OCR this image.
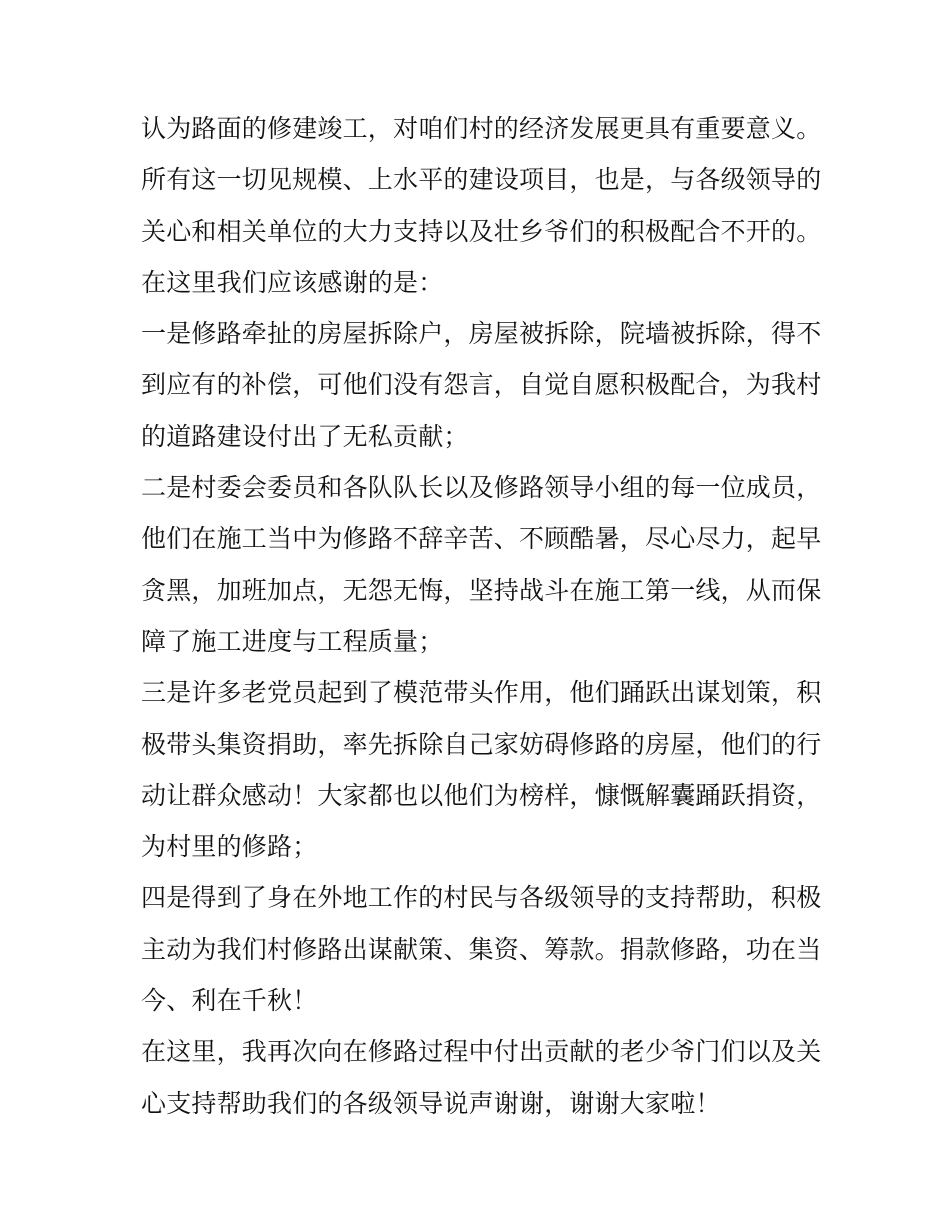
认为路面的修建竣工，对咱们村的经济发展更具有重要意义。
所有这一切见规模、上水平的建设项目，也是，与各级领导的
关心和相关单位的大力支持以及壮乡爷们的积极配合不开的。
在这里我们应该感谢的是：
一是修路牵扯的房屋拆除户，房屋被拆除，院墙被拆除，得不
到应有的补偿，可他们没有怨言，自觉自愿积极配合，为我村
的道路建设付出了无私贡献；
二是村委会委员和各队队长以及修路领导小组的每一位成员，
他们在施工当中为修路不辞辛苦、不顾酷暑，尽心尽力，起早
贪黑，加班加点，无怨无悔，坚持战斗在施工第一线，从而保
障了施工进度与工程质量；
三是许多老党员起到了模范带头作用，他们踊跃出谋划策，积
极带头集资捐助，率先拆除自己家妨碍修路的房屋，他们的行
动让群众感动！大家都也以他们为榜样，慷慨解囊踊跃捐资，
为村里的修路；
四是得到了身在外地工作的村民与各级领导的支持帮助，积极
主动为我们村修路出谋献策、集资、筹款。捐款修路，功在当
今、利在千秋！
在这里，我再次向在修路过程中付出贡献的老少爷门们以及关
心支持帮助我们的各级领导说声谢谢，谢谢大家啦！
